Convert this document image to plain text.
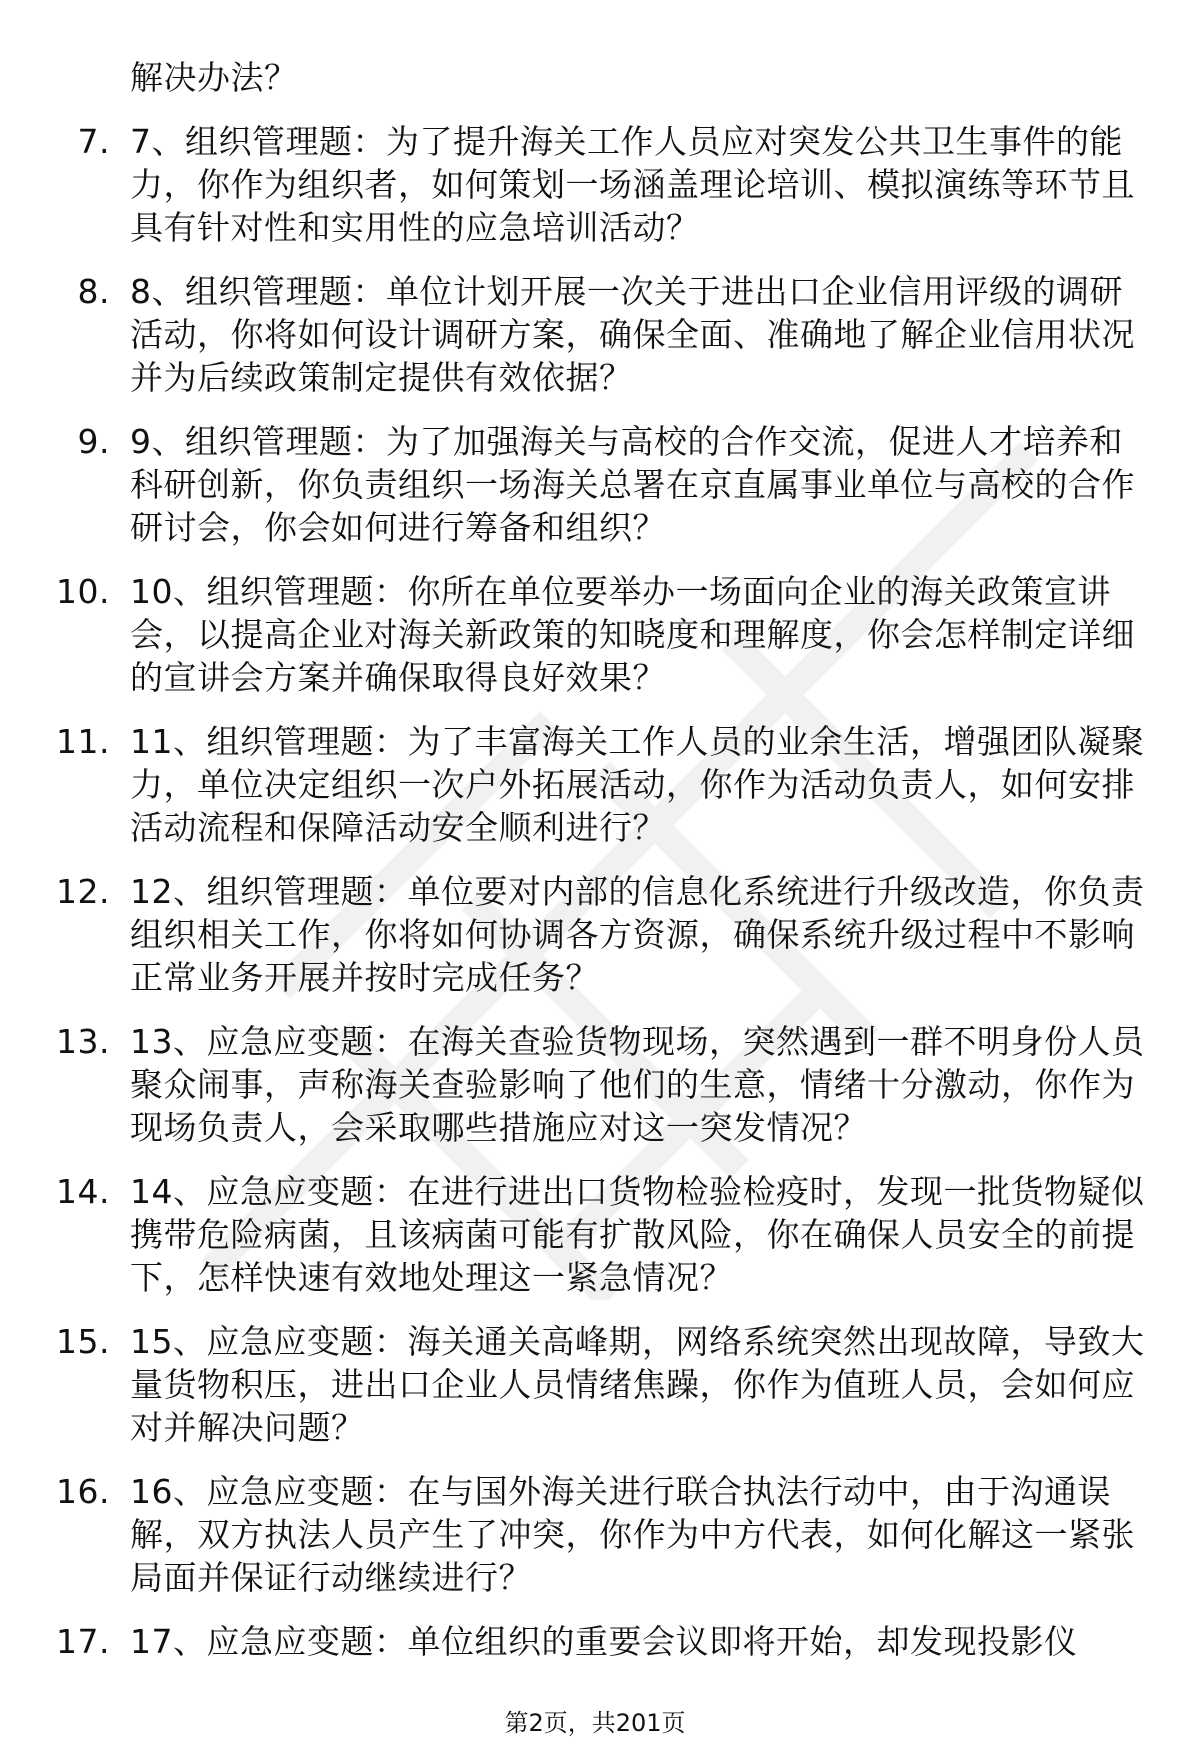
解决办法？
7. 7、组织管理题：为了提升海关工作人员应对突发公共卫生事件的能力，你作为组织者，如何策划一场涵盖理论培训、模拟演练等环节且具有针对性和实用性的应急培训活动？
8. 8、组织管理题：单位计划开展一次关于进出口企业信用评级的调研活动，你将如何设计调研方案，确保全面、准确地了解企业信用状况并为后续政策制定提供有效依据？
9. 9、组织管理题：为了加强海关与高校的合作交流，促进人才培养和科研创新，你负责组织一场海关总署在京直属事业单位与高校的合作研讨会，你会如何进行筹备和组织？
10. 10、组织管理题：你所在单位要举办一场面向企业的海关政策宣讲会，以提高企业对海关新政策的知晓度和理解度，你会怎样制定详细的宣讲会方案并确保取得良好效果？
11. 11、组织管理题：为了丰富海关工作人员的业余生活，增强团队凝聚力，单位决定组织一次户外拓展活动，你作为活动负责人，如何安排活动流程和保障活动安全顺利进行？
12. 12、组织管理题：单位要对内部的信息化系统进行升级改造，你负责组织相关工作，你将如何协调各方资源，确保系统升级过程中不影响正常业务开展并按时完成任务？
13. 13、应急应变题：在海关查验货物现场，突然遇到一群不明身份人员聚众闹事，声称海关查验影响了他们的生意，情绪十分激动，你作为现场负责人，会采取哪些措施应对这一突发情况？
14. 14、应急应变题：在进行进出口货物检验检疫时，发现一批货物疑似携带危险病菌，且该病菌可能有扩散风险，你在确保人员安全的前提下，怎样快速有效地处理这一紧急情况？
15. 15、应急应变题：海关通关高峰期，网络系统突然出现故障，导致大量货物积压，进出口企业人员情绪焦躁，你作为值班人员，会如何应对并解决问题？
16. 16、应急应变题：在与国外海关进行联合执法行动中，由于沟通误解，双方执法人员产生了冲突，你作为中方代表，如何化解这一紧张局面并保证行动继续进行？
17. 17、应急应变题：单位组织的重要会议即将开始，却发现投影仪
第2页，共201页
